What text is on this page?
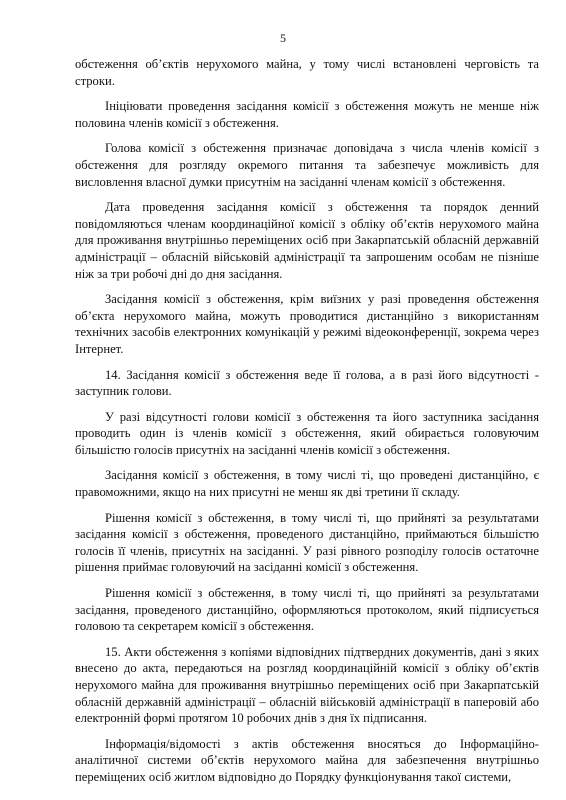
5

обстеження об’єктів нерухомого майна, у тому числі встановлені черговість та строки.

Ініціювати проведення засідання комісії з обстеження можуть не менше ніж половина членів комісії з обстеження.

Голова комісії з обстеження призначає доповідача з числа членів комісії з обстеження для розгляду окремого питання та забезпечує можливість для висловлення власної думки присутнім на засіданні членам комісії з обстеження.

Дата проведення засідання комісії з обстеження та порядок денний повідомляються членам координаційної комісії з обліку об’єктів нерухомого майна для проживання внутрішньо переміщених осіб при Закарпатській обласній державній адміністрації – обласній військовій адміністрації та запрошеним особам не пізніше ніж за три робочі дні до дня засідання.

Засідання комісії з обстеження, крім виїзних у разі проведення обстеження об’єкта нерухомого майна, можуть проводитися дистанційно з використанням технічних засобів електронних комунікацій у режимі відеоконференції, зокрема через Інтернет.

14. Засідання комісії з обстеження веде її голова, а в разі його відсутності - заступник голови.

У разі відсутності голови комісії з обстеження та його заступника засідання проводить один із членів комісії з обстеження, який обирається головуючим більшістю голосів присутніх на засіданні членів комісії з обстеження.

Засідання комісії з обстеження, в тому числі ті, що проведені дистанційно, є правоможними, якщо на них присутні не менш як дві третини її складу.

Рішення комісії з обстеження, в тому числі ті, що прийняті за результатами засідання комісії з обстеження, проведеного дистанційно, приймаються більшістю голосів її членів, присутніх на засіданні. У разі рівного розподілу голосів остаточне рішення приймає головуючий на засіданні комісії з обстеження.

Рішення комісії з обстеження, в тому числі ті, що прийняті за результатами засідання, проведеного дистанційно, оформляються протоколом, який підписується головою та секретарем комісії з обстеження.

15. Акти обстеження з копіями відповідних підтвердних документів, дані з яких внесено до акта, передаються на розгляд координаційній комісії з обліку об’єктів нерухомого майна для проживання внутрішньо переміщених осіб при Закарпатській обласній державній адміністрації – обласній військовій адміністрації в паперовій або електронній формі протягом 10 робочих днів з дня їх підписання.

Інформація/відомості з актів обстеження вносяться до Інформаційно-аналітичної системи об’єктів нерухомого майна для забезпечення внутрішньо переміщених осіб житлом відповідно до Порядку функціонування такої системи,
